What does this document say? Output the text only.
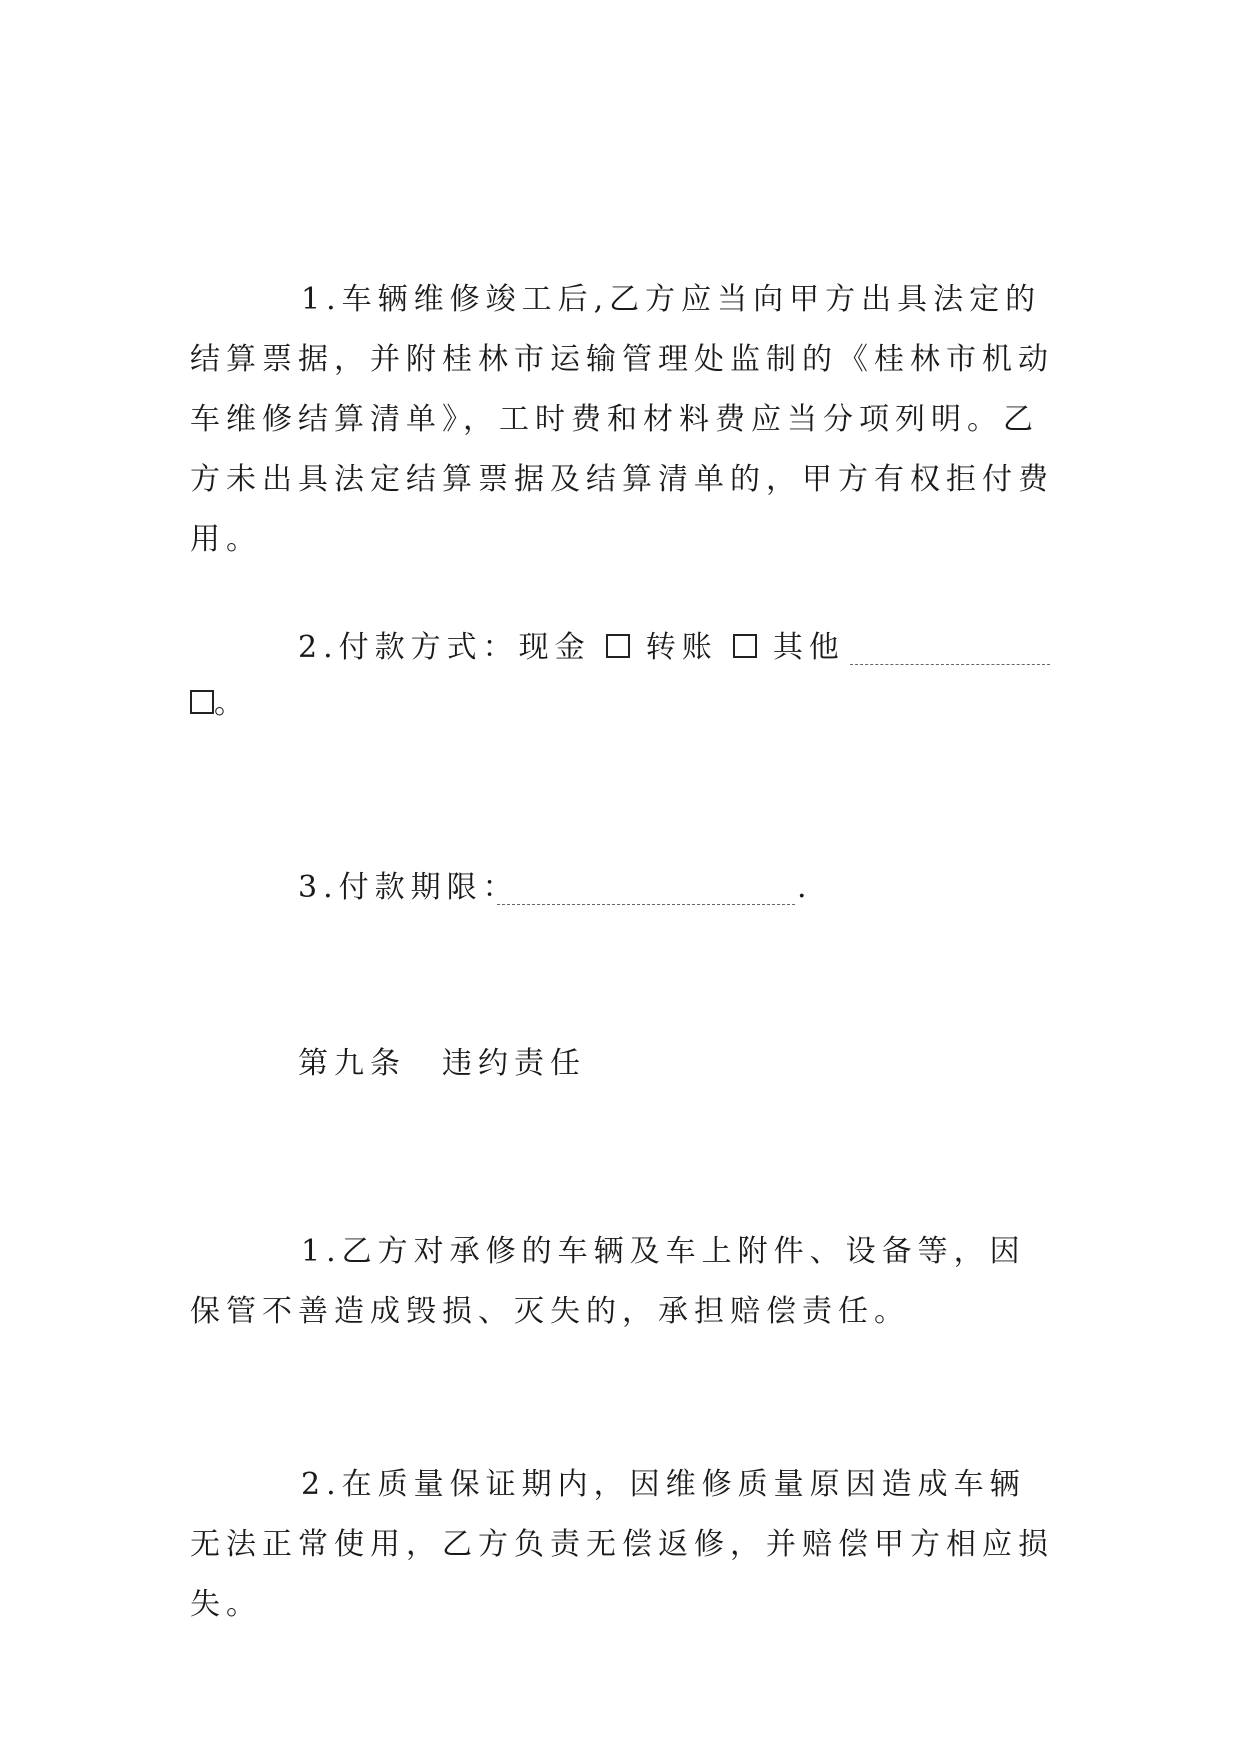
1.车辆维修竣工后,乙方应当向甲方出具法定的结算票据，并附桂林市运输管理处监制的《桂林市机动车维修结算清单》，工时费和材料费应当分项列明。乙方未出具法定结算票据及结算清单的，甲方有权拒付费用。

2.付款方式：现金 转账 其他
。
3.付款期限：	.
第九条　违约责任

1.乙方对承修的车辆及车上附件、设备等，因保管不善造成毁损、灭失的，承担赔偿责任。

2.在质量保证期内，因维修质量原因造成车辆无法正常使用，乙方负责无偿返修，并赔偿甲方相应损失。
